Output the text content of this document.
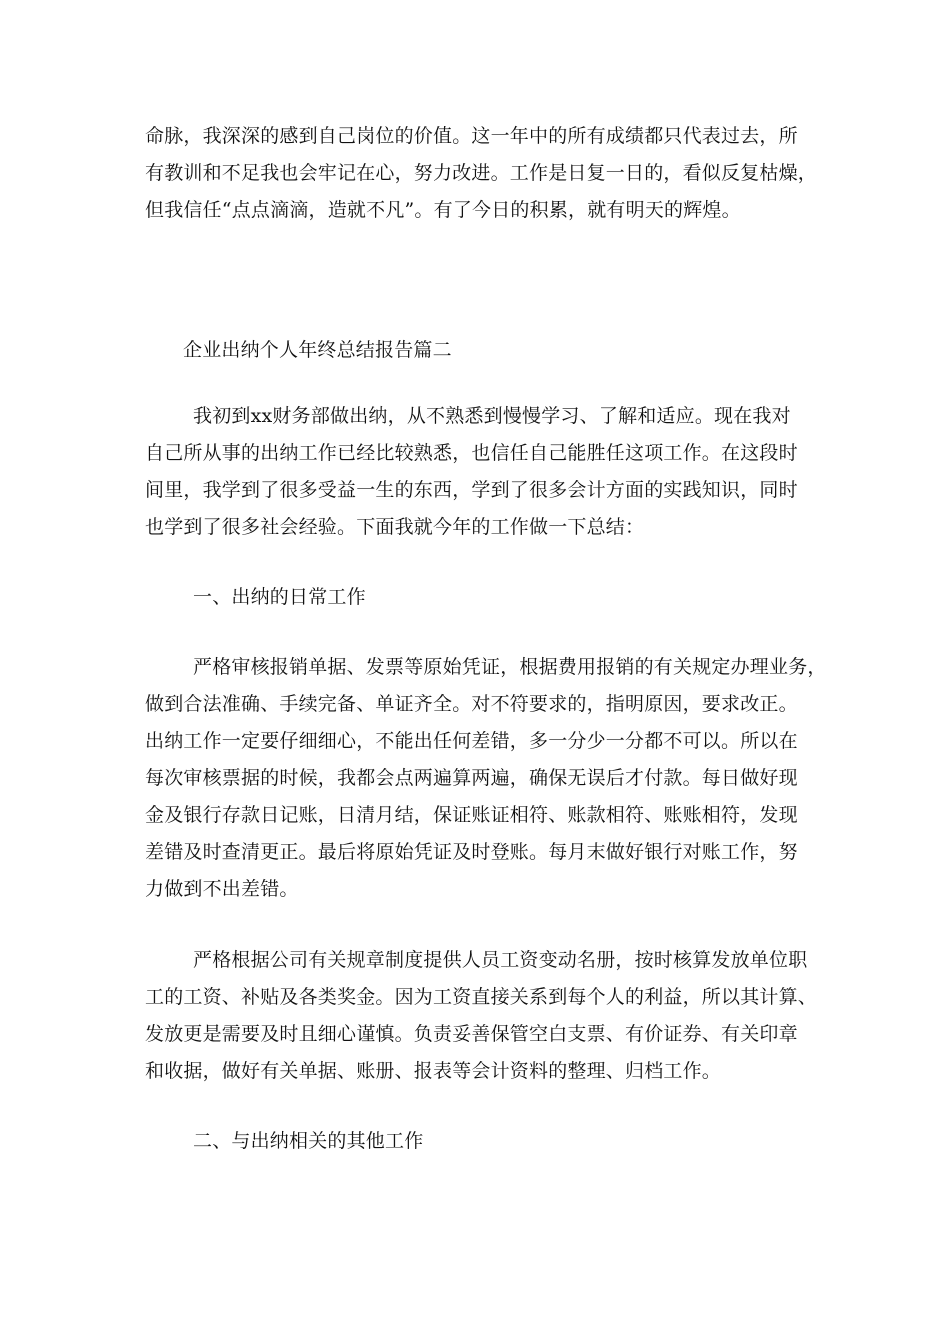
命脉，我深深的感到自己岗位的价值。这一年中的所有成绩都只代表过去，所
有教训和不足我也会牢记在心，努力改进。工作是日复一日的，看似反复枯燥，
但我信任“点点滴滴，造就不凡”。有了今日的积累，就有明天的辉煌。
企业出纳个人年终总结报告篇二
我初到xx财务部做出纳，从不熟悉到慢慢学习、了解和适应。现在我对
自己所从事的出纳工作已经比较熟悉，也信任自己能胜任这项工作。在这段时
间里，我学到了很多受益一生的东西，学到了很多会计方面的实践知识，同时
也学到了很多社会经验。下面我就今年的工作做一下总结：
一、出纳的日常工作
严格审核报销单据、发票等原始凭证，根据费用报销的有关规定办理业务，
做到合法准确、手续完备、单证齐全。对不符要求的，指明原因，要求改正。
出纳工作一定要仔细细心，不能出任何差错，多一分少一分都不可以。所以在
每次审核票据的时候，我都会点两遍算两遍，确保无误后才付款。每日做好现
金及银行存款日记账，日清月结，保证账证相符、账款相符、账账相符，发现
差错及时查清更正。最后将原始凭证及时登账。每月末做好银行对账工作，努
力做到不出差错。
严格根据公司有关规章制度提供人员工资变动名册，按时核算发放单位职
工的工资、补贴及各类奖金。因为工资直接关系到每个人的利益，所以其计算、
发放更是需要及时且细心谨慎。负责妥善保管空白支票、有价证券、有关印章
和收据，做好有关单据、账册、报表等会计资料的整理、归档工作。
二、与出纳相关的其他工作
